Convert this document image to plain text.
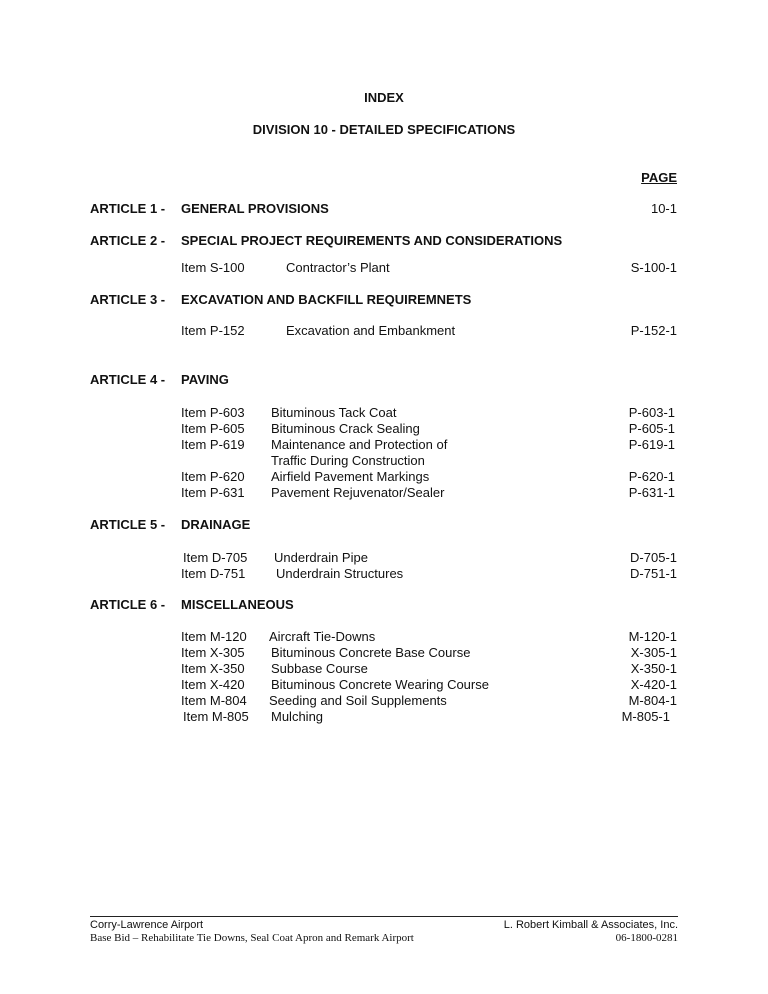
INDEX
DIVISION 10 - DETAILED SPECIFICATIONS
PAGE
ARTICLE 1 - GENERAL PROVISIONS	10-1
ARTICLE 2 - SPECIAL PROJECT REQUIREMENTS AND CONSIDERATIONS
Item S-100	Contractor’s Plant	S-100-1
ARTICLE 3 - EXCAVATION AND BACKFILL REQUIREMNETS
Item P-152	Excavation and Embankment	P-152-1
ARTICLE 4 - PAVING
Item P-603 Bituminous Tack Coat	P-603-1
Item P-605 Bituminous Crack Sealing	P-605-1
Item P-619 Maintenance and Protection of	P-619-1
Traffic During Construction
Item P-620 Airfield Pavement Markings	P-620-1
Item P-631 Pavement Rejuvenator/Sealer	P-631-1
ARTICLE 5 - DRAINAGE
Item D-705 Underdrain Pipe	D-705-1
Item D-751 Underdrain Structures	D-751-1
ARTICLE 6 - MISCELLANEOUS
Item M-120 Aircraft Tie-Downs	M-120-1
Item X-305 Bituminous Concrete Base Course	X-305-1
Item X-350 Subbase Course	X-350-1
Item X-420 Bituminous Concrete Wearing Course	X-420-1
Item M-804 Seeding and Soil Supplements	M-804-1
Item M-805 Mulching	M-805-1
Corry-Lawrence Airport
Base Bid – Rehabilitate Tie Downs, Seal Coat Apron and Remark Airport
L. Robert Kimball & Associates, Inc.
06-1800-0281
